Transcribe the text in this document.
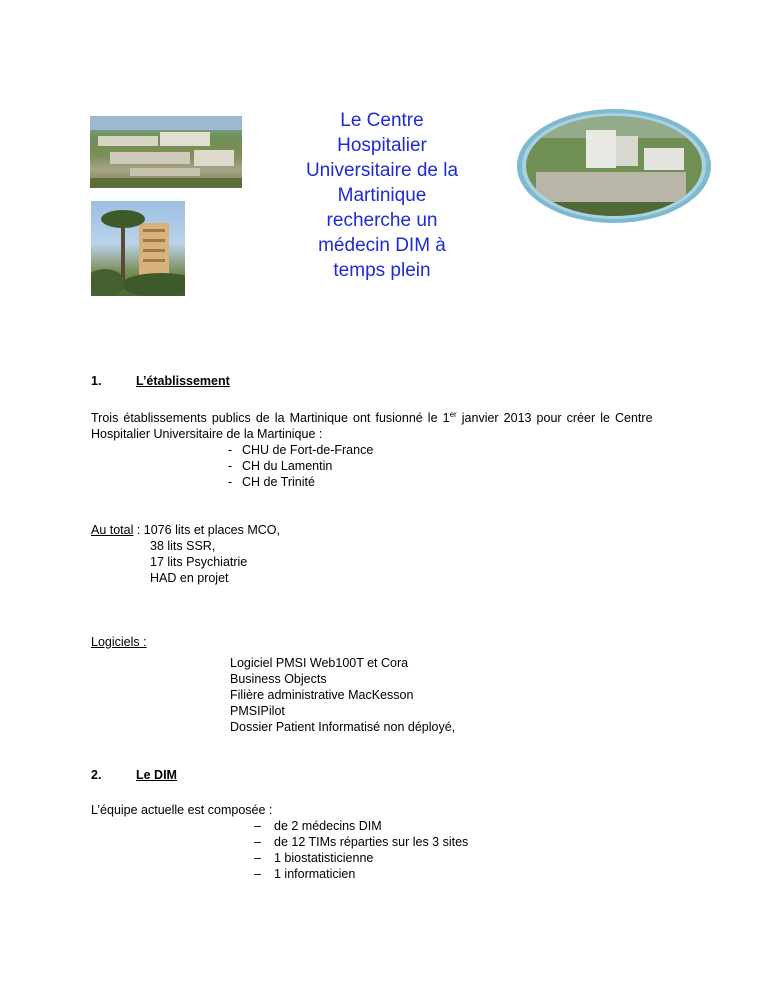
Le Centre
Hospitalier
Universitaire de la
Martinique
recherche un
médecin DIM à
temps plein

1.	L’établissement

Trois établissements publics de la Martinique ont fusionné le 1er janvier 2013 pour créer le Centre

Hospitalier Universitaire de la Martinique :

- CHU de Fort-de-France

- CH du Lamentin

- CH de Trinité

Au total : 1076 lits et places MCO,

38 lits SSR,

17 lits Psychiatrie

HAD en projet

Logiciels :

Logiciel PMSI Web100T et Cora

Business Objects

Filière administrative MacKesson

PMSIPilot

Dossier Patient Informatisé non déployé,

2.	Le DIM

L’équipe actuelle est composée :

– de 2 médecins DIM

– de 12 TIMs réparties sur les 3 sites

– 1 biostatisticienne

– 1 informaticien
